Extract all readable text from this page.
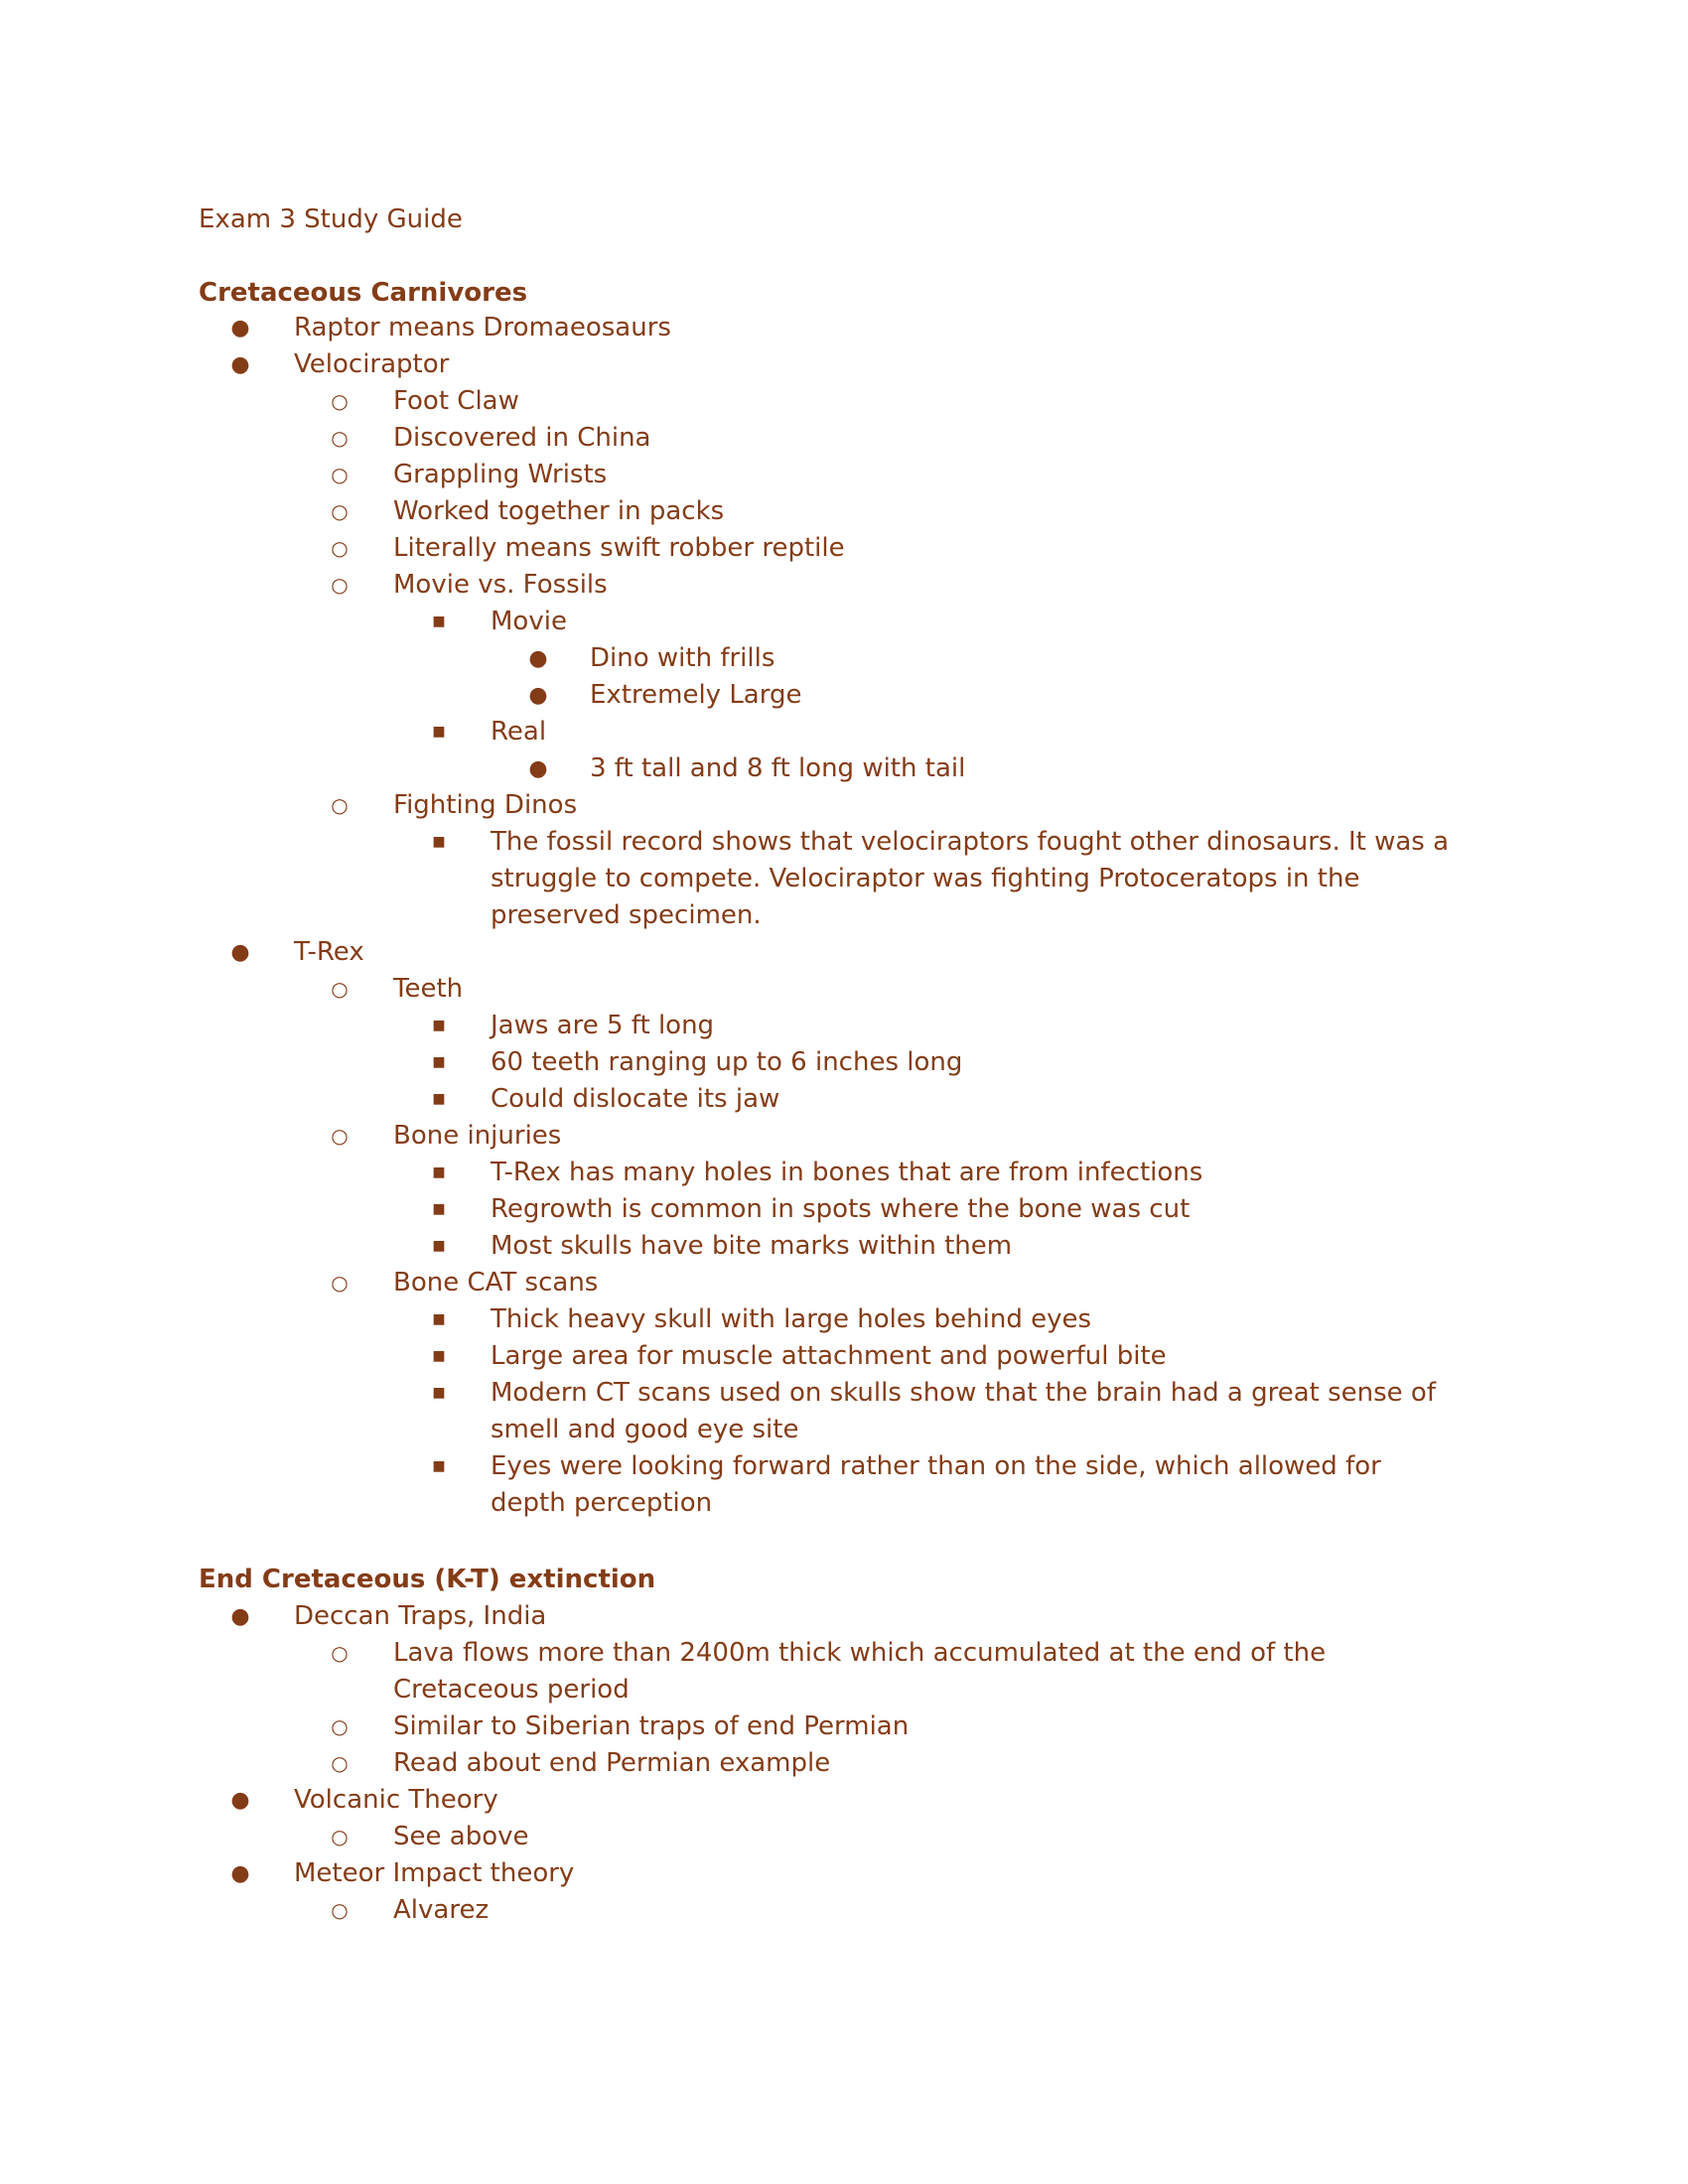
Exam 3 Study Guide
Cretaceous Carnivores
● Raptor means Dromaeosaurs
● Velociraptor
○ Foot Claw
○ Discovered in China
○ Grappling Wrists
○ Worked together in packs
○ Literally means swift robber reptile
○ Movie vs. Fossils
■ Movie
● Dino with frills
● Extremely Large
■ Real
● 3 ft tall and 8 ft long with tail
○ Fighting Dinos
■ The fossil record shows that velociraptors fought other dinosaurs. It was a struggle to compete. Velociraptor was fighting Protoceratops in the preserved specimen.
● T-Rex
○ Teeth
■ Jaws are 5 ft long
■ 60 teeth ranging up to 6 inches long
■ Could dislocate its jaw
○ Bone injuries
■ T-Rex has many holes in bones that are from infections
■ Regrowth is common in spots where the bone was cut
■ Most skulls have bite marks within them
○ Bone CAT scans
■ Thick heavy skull with large holes behind eyes
■ Large area for muscle attachment and powerful bite
■ Modern CT scans used on skulls show that the brain had a great sense of smell and good eye site
■ Eyes were looking forward rather than on the side, which allowed for depth perception
End Cretaceous (K-T) extinction
● Deccan Traps, India
○ Lava flows more than 2400m thick which accumulated at the end of the Cretaceous period
○ Similar to Siberian traps of end Permian
○ Read about end Permian example
● Volcanic Theory
○ See above
● Meteor Impact theory
○ Alvarez
